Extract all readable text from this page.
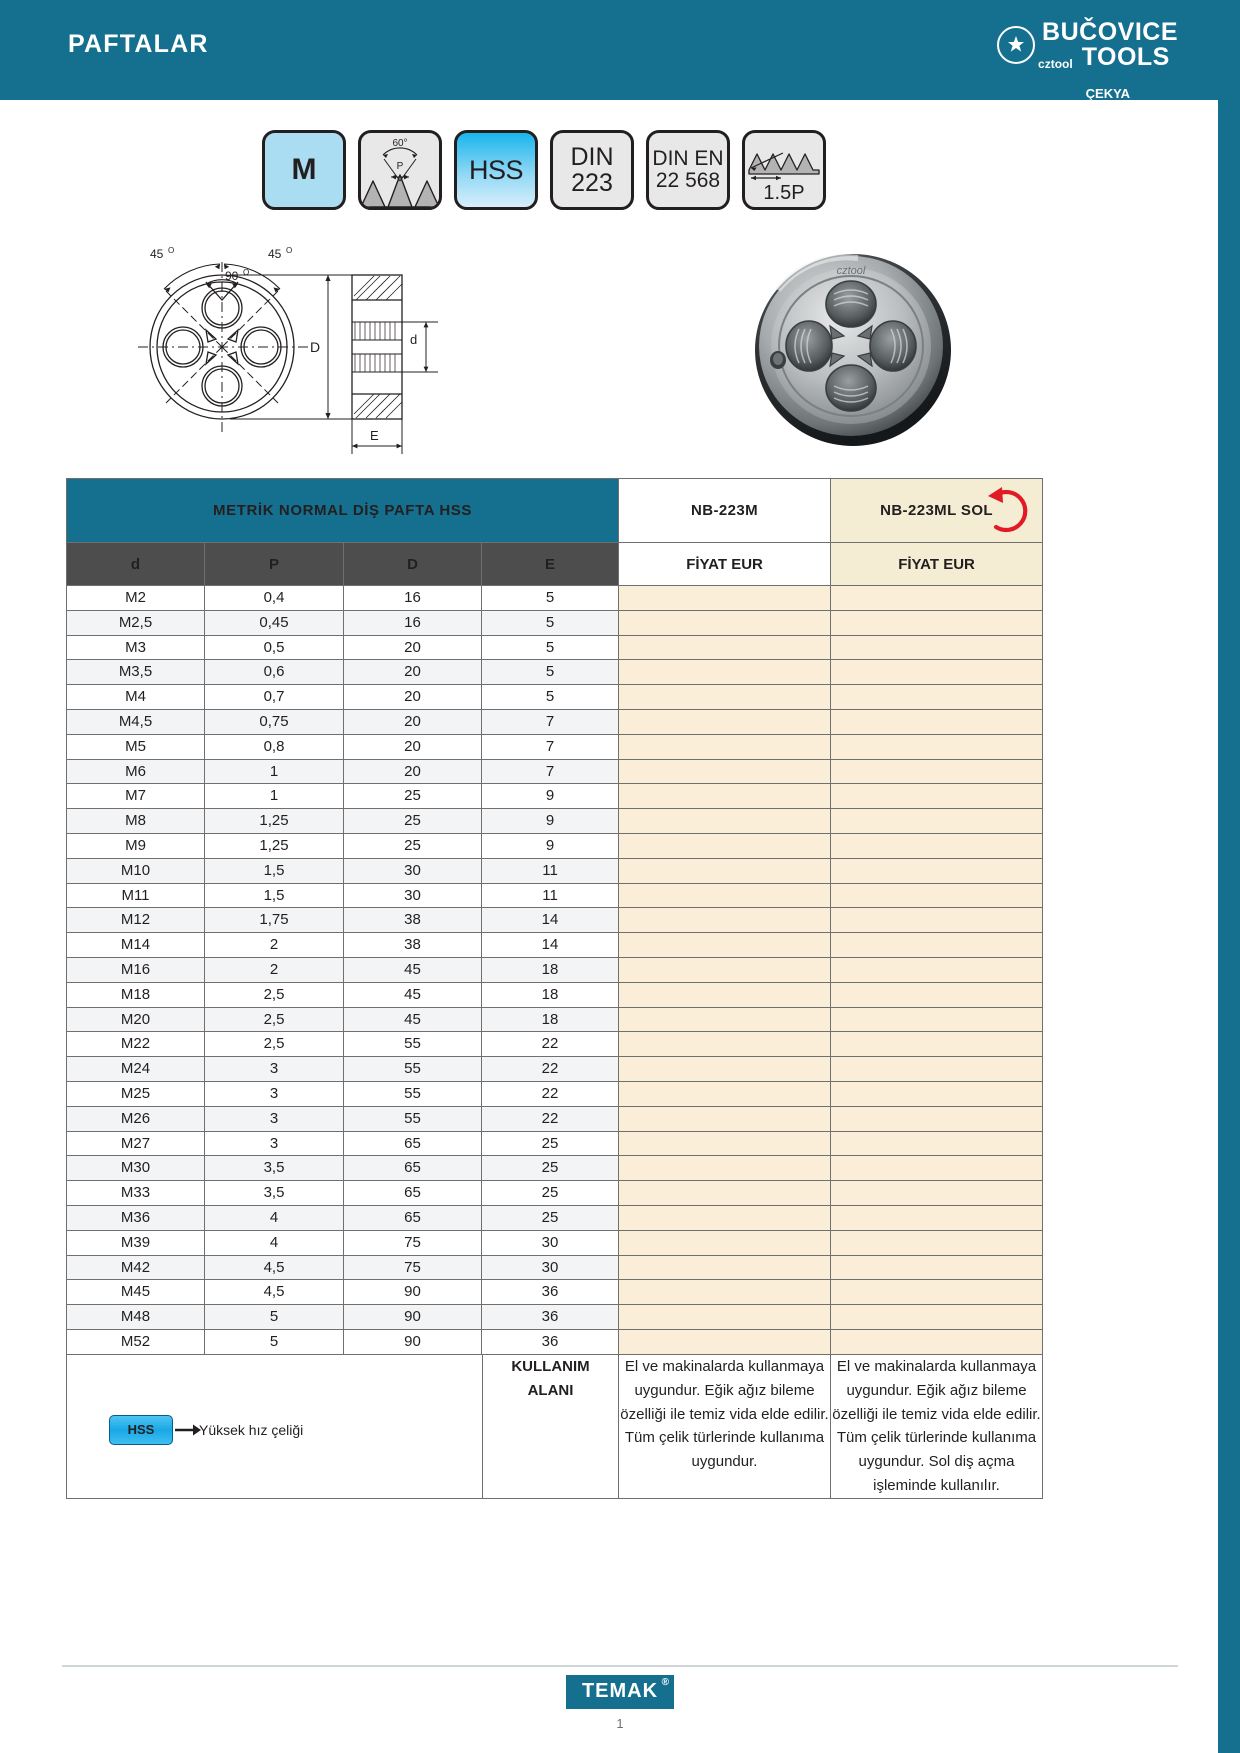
PAFTALAR	BUČOVICE
cztool TOOLS
ÇEKYA
M
60°
P HSS DIN
223
DIN EN
22 568
1.5P
45 O	45 O
90 O
D	d
E
cztool
METRİK NORMAL DİŞ PAFTA HSS				NB-223M	NB-223ML SOL

d	P	D	E	FİYAT EUR	FİYAT EUR
M2	0,4	16	5		
M2,5	0,45	16	5		
M3	0,5	20	5		
M3,5	0,6	20	5		
M4	0,7	20	5		
M4,5	0,75	20	7		
M5	0,8	20	7		
M6	1	20	7		
M7	1	25	9		
M8	1,25	25	9		
M9	1,25	25	9		
M10	1,5	30	11		
M11	1,5	30	11		
M12	1,75	38	14		
M14	2	38	14		
M16	2	45	18		
M18	2,5	45	18		
M20	2,5	45	18		
M22	2,5	55	22		
M24	3	55	22		
M25	3	55	22		
M26	3	55	22		
M27	3	65	25		
M30	3,5	65	25		
M33	3,5	65	25		
M36	4	65	25		
M39	4	75	30		
M42	4,5	75	30		
M45	4,5	90	36		
M48	5	90	36		
M52	5	90	36		
HSS	Yüksek hız çeliği

KULLANIM
ALANI
	El ve makinalarda kullanmaya uygundur. Eğik ağız bileme özelliği ile temiz vida elde edilir. Tüm çelik türlerinde kullanıma uygundur.	El ve makinalarda kullanmaya uygundur. Eğik ağız bileme özelliği ile temiz vida elde edilir. Tüm çelik türlerinde kullanıma uygundur. Sol diş açma işleminde kullanılır.
TEMAK ®
1
